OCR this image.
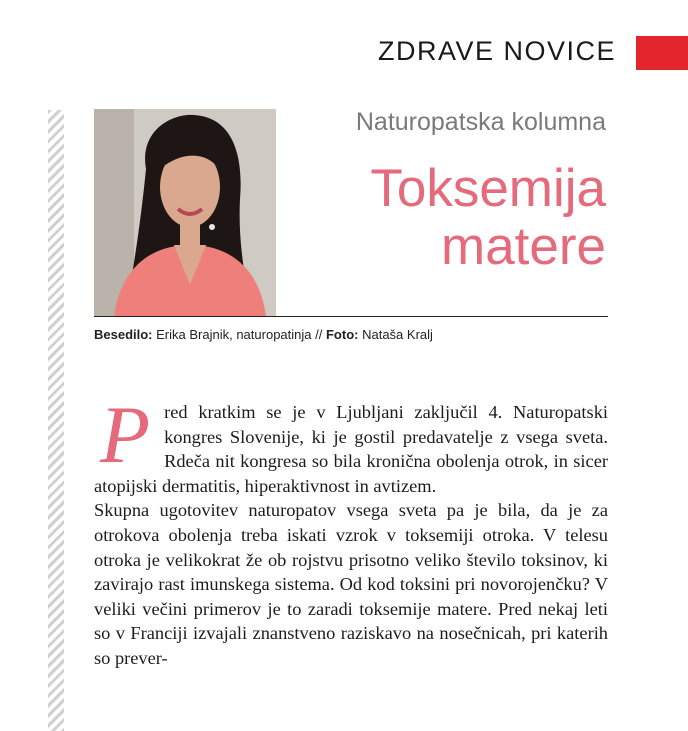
ZDRAVE NOVICE
Naturopatska kolumna
Toksemija
matere
Besedilo: Erika Brajnik, naturopatinja // Foto: Nataša Kralj

Pred kratkim se je v Ljubljani zaključil 4. Naturopatski kongres Slovenije, ki je gostil predavatelje z vsega sveta. Rdeča nit kongresa so bila kronična obolenja otrok, in sicer atopijski dermatitis, hiperaktivnost in avtizem.

Skupna ugotovitev naturopatov vsega sveta pa je bila, da je za otrokova obolenja treba iskati vzrok v toksemiji otroka. V telesu otroka je velikokrat že ob rojstvu prisotno veliko število toksinov, ki zavirajo rast imunskega sistema. Od kod toksini pri novorojenčku? V veliki večini primerov je to zaradi toksemije matere. Pred nekaj leti so v Franciji izvajali znanstveno raziskavo na nosečnicah, pri katerih so prever-
